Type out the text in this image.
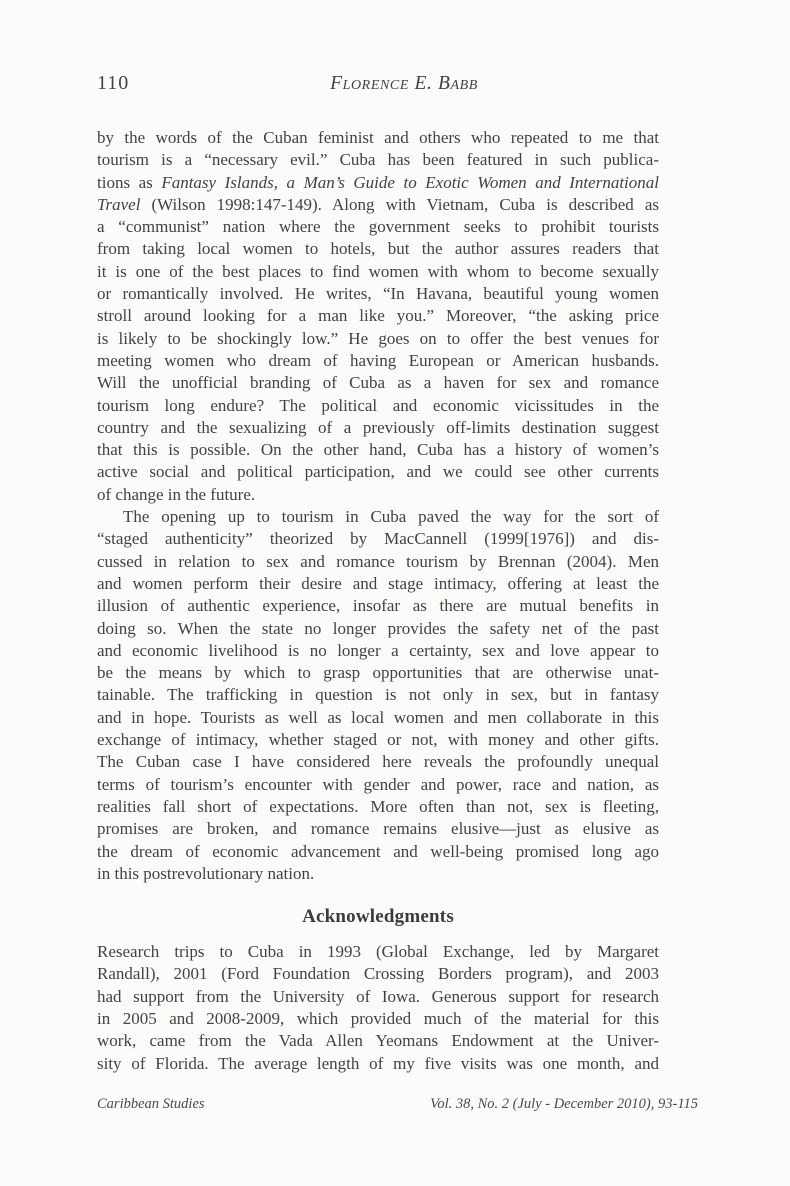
110	Florence E. Babb
by the words of the Cuban feminist and others who repeated to me that
tourism is a “necessary evil.” Cuba has been featured in such publica-
tions as Fantasy Islands, a Man’s Guide to Exotic Women and International
Travel (Wilson 1998:147-149). Along with Vietnam, Cuba is described as
a “communist” nation where the government seeks to prohibit tourists
from taking local women to hotels, but the author assures readers that
it is one of the best places to find women with whom to become sexually
or romantically involved. He writes, “In Havana, beautiful young women
stroll around looking for a man like you.” Moreover, “the asking price
is likely to be shockingly low.” He goes on to offer the best venues for
meeting women who dream of having European or American husbands.
Will the unofficial branding of Cuba as a haven for sex and romance
tourism long endure? The political and economic vicissitudes in the
country and the sexualizing of a previously off-limits destination suggest
that this is possible. On the other hand, Cuba has a history of women’s
active social and political participation, and we could see other currents
of change in the future.
The opening up to tourism in Cuba paved the way for the sort of
“staged authenticity” theorized by MacCannell (1999[1976]) and dis-
cussed in relation to sex and romance tourism by Brennan (2004). Men
and women perform their desire and stage intimacy, offering at least the
illusion of authentic experience, insofar as there are mutual benefits in
doing so. When the state no longer provides the safety net of the past
and economic livelihood is no longer a certainty, sex and love appear to
be the means by which to grasp opportunities that are otherwise unat-
tainable. The trafficking in question is not only in sex, but in fantasy
and in hope. Tourists as well as local women and men collaborate in this
exchange of intimacy, whether staged or not, with money and other gifts.
The Cuban case I have considered here reveals the profoundly unequal
terms of tourism’s encounter with gender and power, race and nation, as
realities fall short of expectations. More often than not, sex is fleeting,
promises are broken, and romance remains elusive—just as elusive as
the dream of economic advancement and well-being promised long ago
in this postrevolutionary nation.
Acknowledgments
Research trips to Cuba in 1993 (Global Exchange, led by Margaret
Randall), 2001 (Ford Foundation Crossing Borders program), and 2003
had support from the University of Iowa. Generous support for research
in 2005 and 2008-2009, which provided much of the material for this
work, came from the Vada Allen Yeomans Endowment at the Univer-
sity of Florida. The average length of my five visits was one month, and
Caribbean Studies	Vol. 38, No. 2 (July - December 2010), 93-115
